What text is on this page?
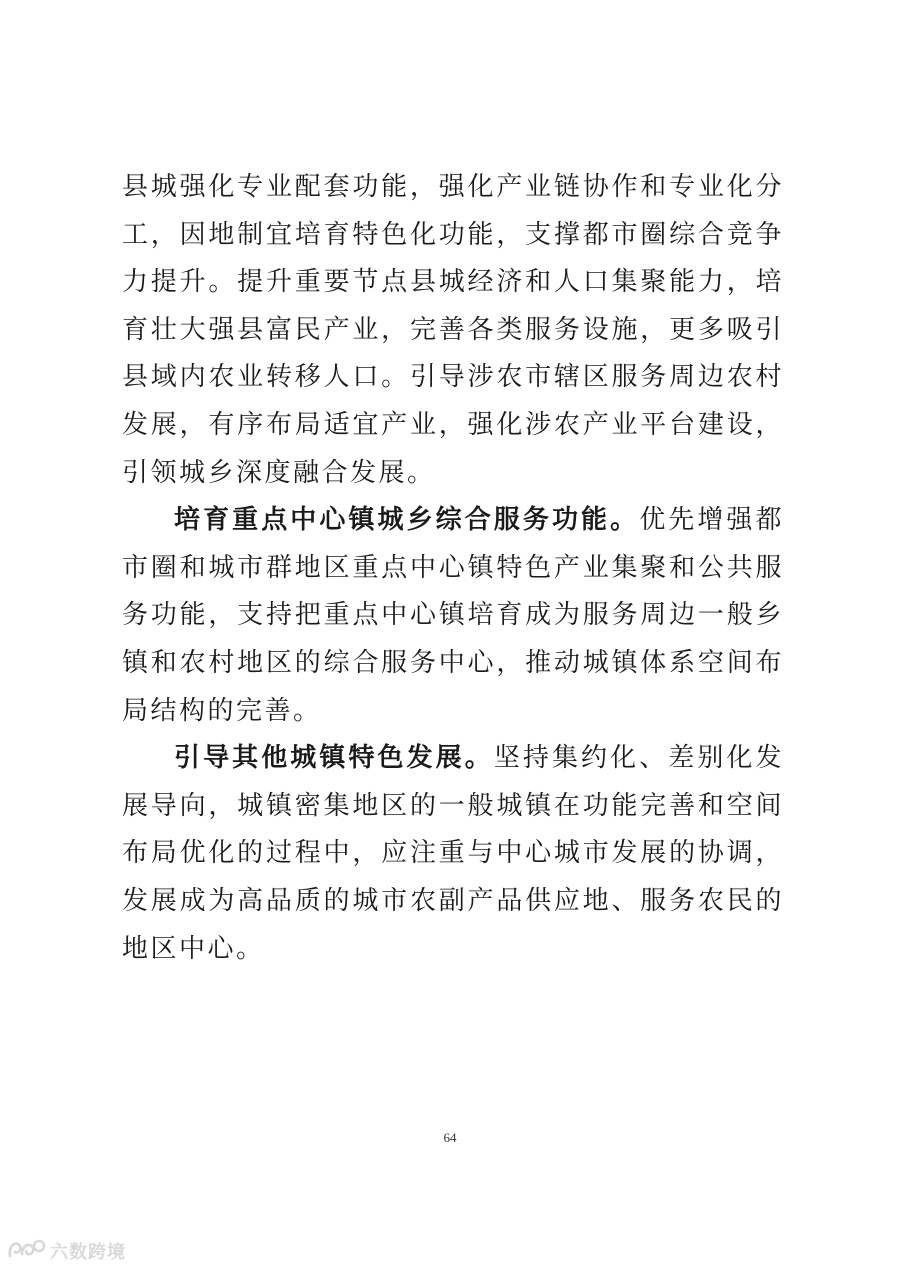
县城强化专业配套功能，强化产业链协作和专业化分工，因地制宜培育特色化功能，支撑都市圈综合竞争力提升。提升重要节点县城经济和人口集聚能力，培育壮大强县富民产业，完善各类服务设施，更多吸引县域内农业转移人口。引导涉农市辖区服务周边农村发展，有序布局适宜产业，强化涉农产业平台建设，引领城乡深度融合发展。

培育重点中心镇城乡综合服务功能。优先增强都市圈和城市群地区重点中心镇特色产业集聚和公共服务功能，支持把重点中心镇培育成为服务周边一般乡镇和农村地区的综合服务中心，推动城镇体系空间布局结构的完善。

引导其他城镇特色发展。坚持集约化、差别化发展导向，城镇密集地区的一般城镇在功能完善和空间布局优化的过程中，应注重与中心城市发展的协调，发展成为高品质的城市农副产品供应地、服务农民的地区中心。

64
六数跨境
